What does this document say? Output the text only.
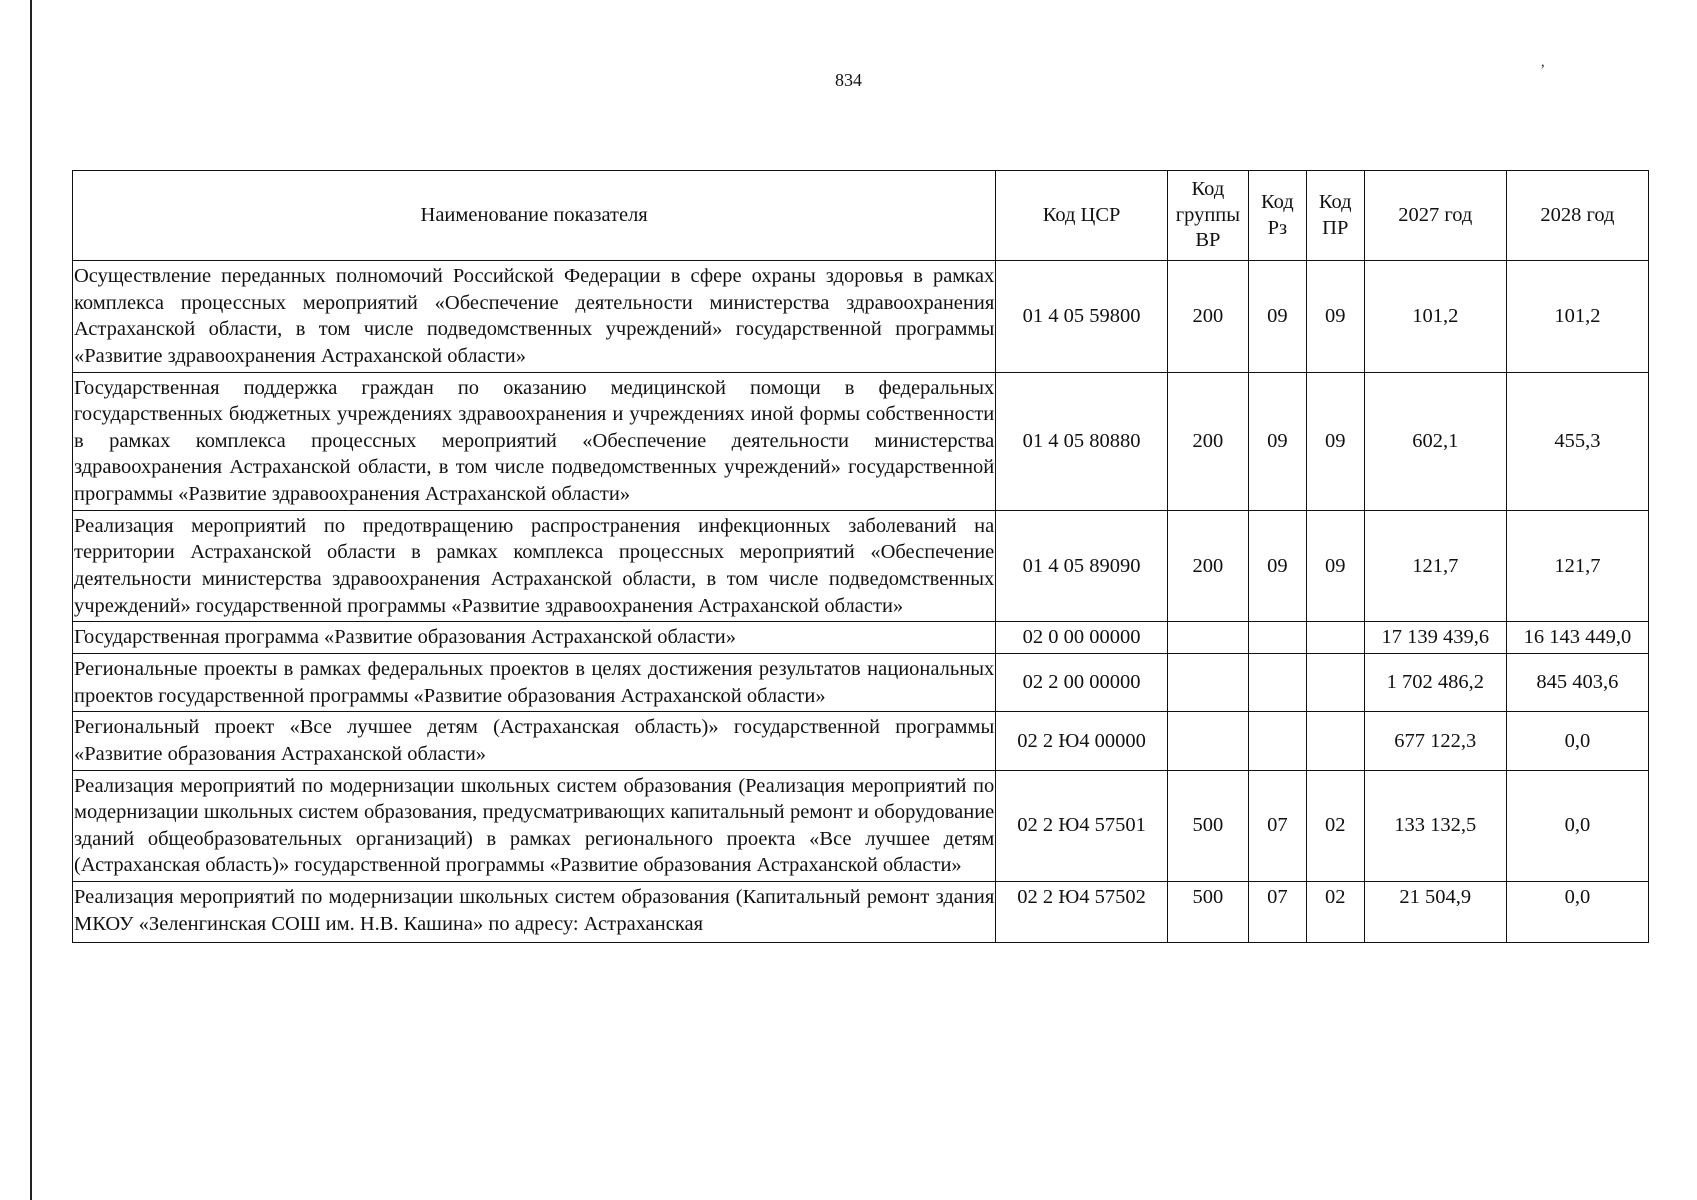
834	ʼ
Наименование показателя	Код ЦСР	Код группы ВР	Код Рз	Код ПР	2027 год	2028 год
Осуществление переданных полномочий Российской Федерации в сфере охраны здоровья в рамках комплекса процессных мероприятий «Обеспечение деятельности министерства здравоохранения Астраханской области, в том числе подведомственных учреждений» государственной программы «Развитие здравоохранения Астраханской области»	01 4 05 59800	200	09	09	101,2	101,2
Государственная поддержка граждан по оказанию медицинской помощи в федеральных государственных бюджетных учреждениях здравоохранения и учреждениях иной формы собственности в рамках комплекса процессных мероприятий «Обеспечение деятельности министерства здравоохранения Астраханской области, в том числе подведомственных учреждений» государственной программы «Развитие здравоохранения Астраханской области»	01 4 05 80880	200	09	09	602,1	455,3
Реализация мероприятий по предотвращению распространения инфекционных заболеваний на территории Астраханской области в рамках комплекса процессных мероприятий «Обеспечение деятельности министерства здравоохранения Астраханской области, в том числе подведомственных учреждений» государственной программы «Развитие здравоохранения Астраханской области»	01 4 05 89090	200	09	09	121,7	121,7
Государственная программа «Развитие образования Астраханской области»	02 0 00 00000				17 139 439,6	16 143 449,0
Региональные проекты в рамках федеральных проектов в целях достижения результатов национальных проектов государственной программы «Развитие образования Астраханской области»	02 2 00 00000				1 702 486,2	845 403,6
Региональный проект «Все лучшее детям (Астраханская область)» государственной программы «Развитие образования Астраханской области»	02 2 Ю4 00000				677 122,3	0,0
Реализация мероприятий по модернизации школьных систем образования (Реализация мероприятий по модернизации школьных систем образования, предусматривающих капитальный ремонт и оборудование зданий общеобразовательных организаций) в рамках регионального проекта «Все лучшее детям (Астраханская область)» государственной программы «Развитие образования Астраханской области»	02 2 Ю4 57501	500	07	02	133 132,5	0,0

Реализация мероприятий по модернизации школьных систем образования (Капитальный ремонт здания МКОУ «Зеленгинская СОШ им. Н.В. Кашина» по адресу: Астраханская	02 2 Ю4 57502	500	07	02	21 504,9	0,0
